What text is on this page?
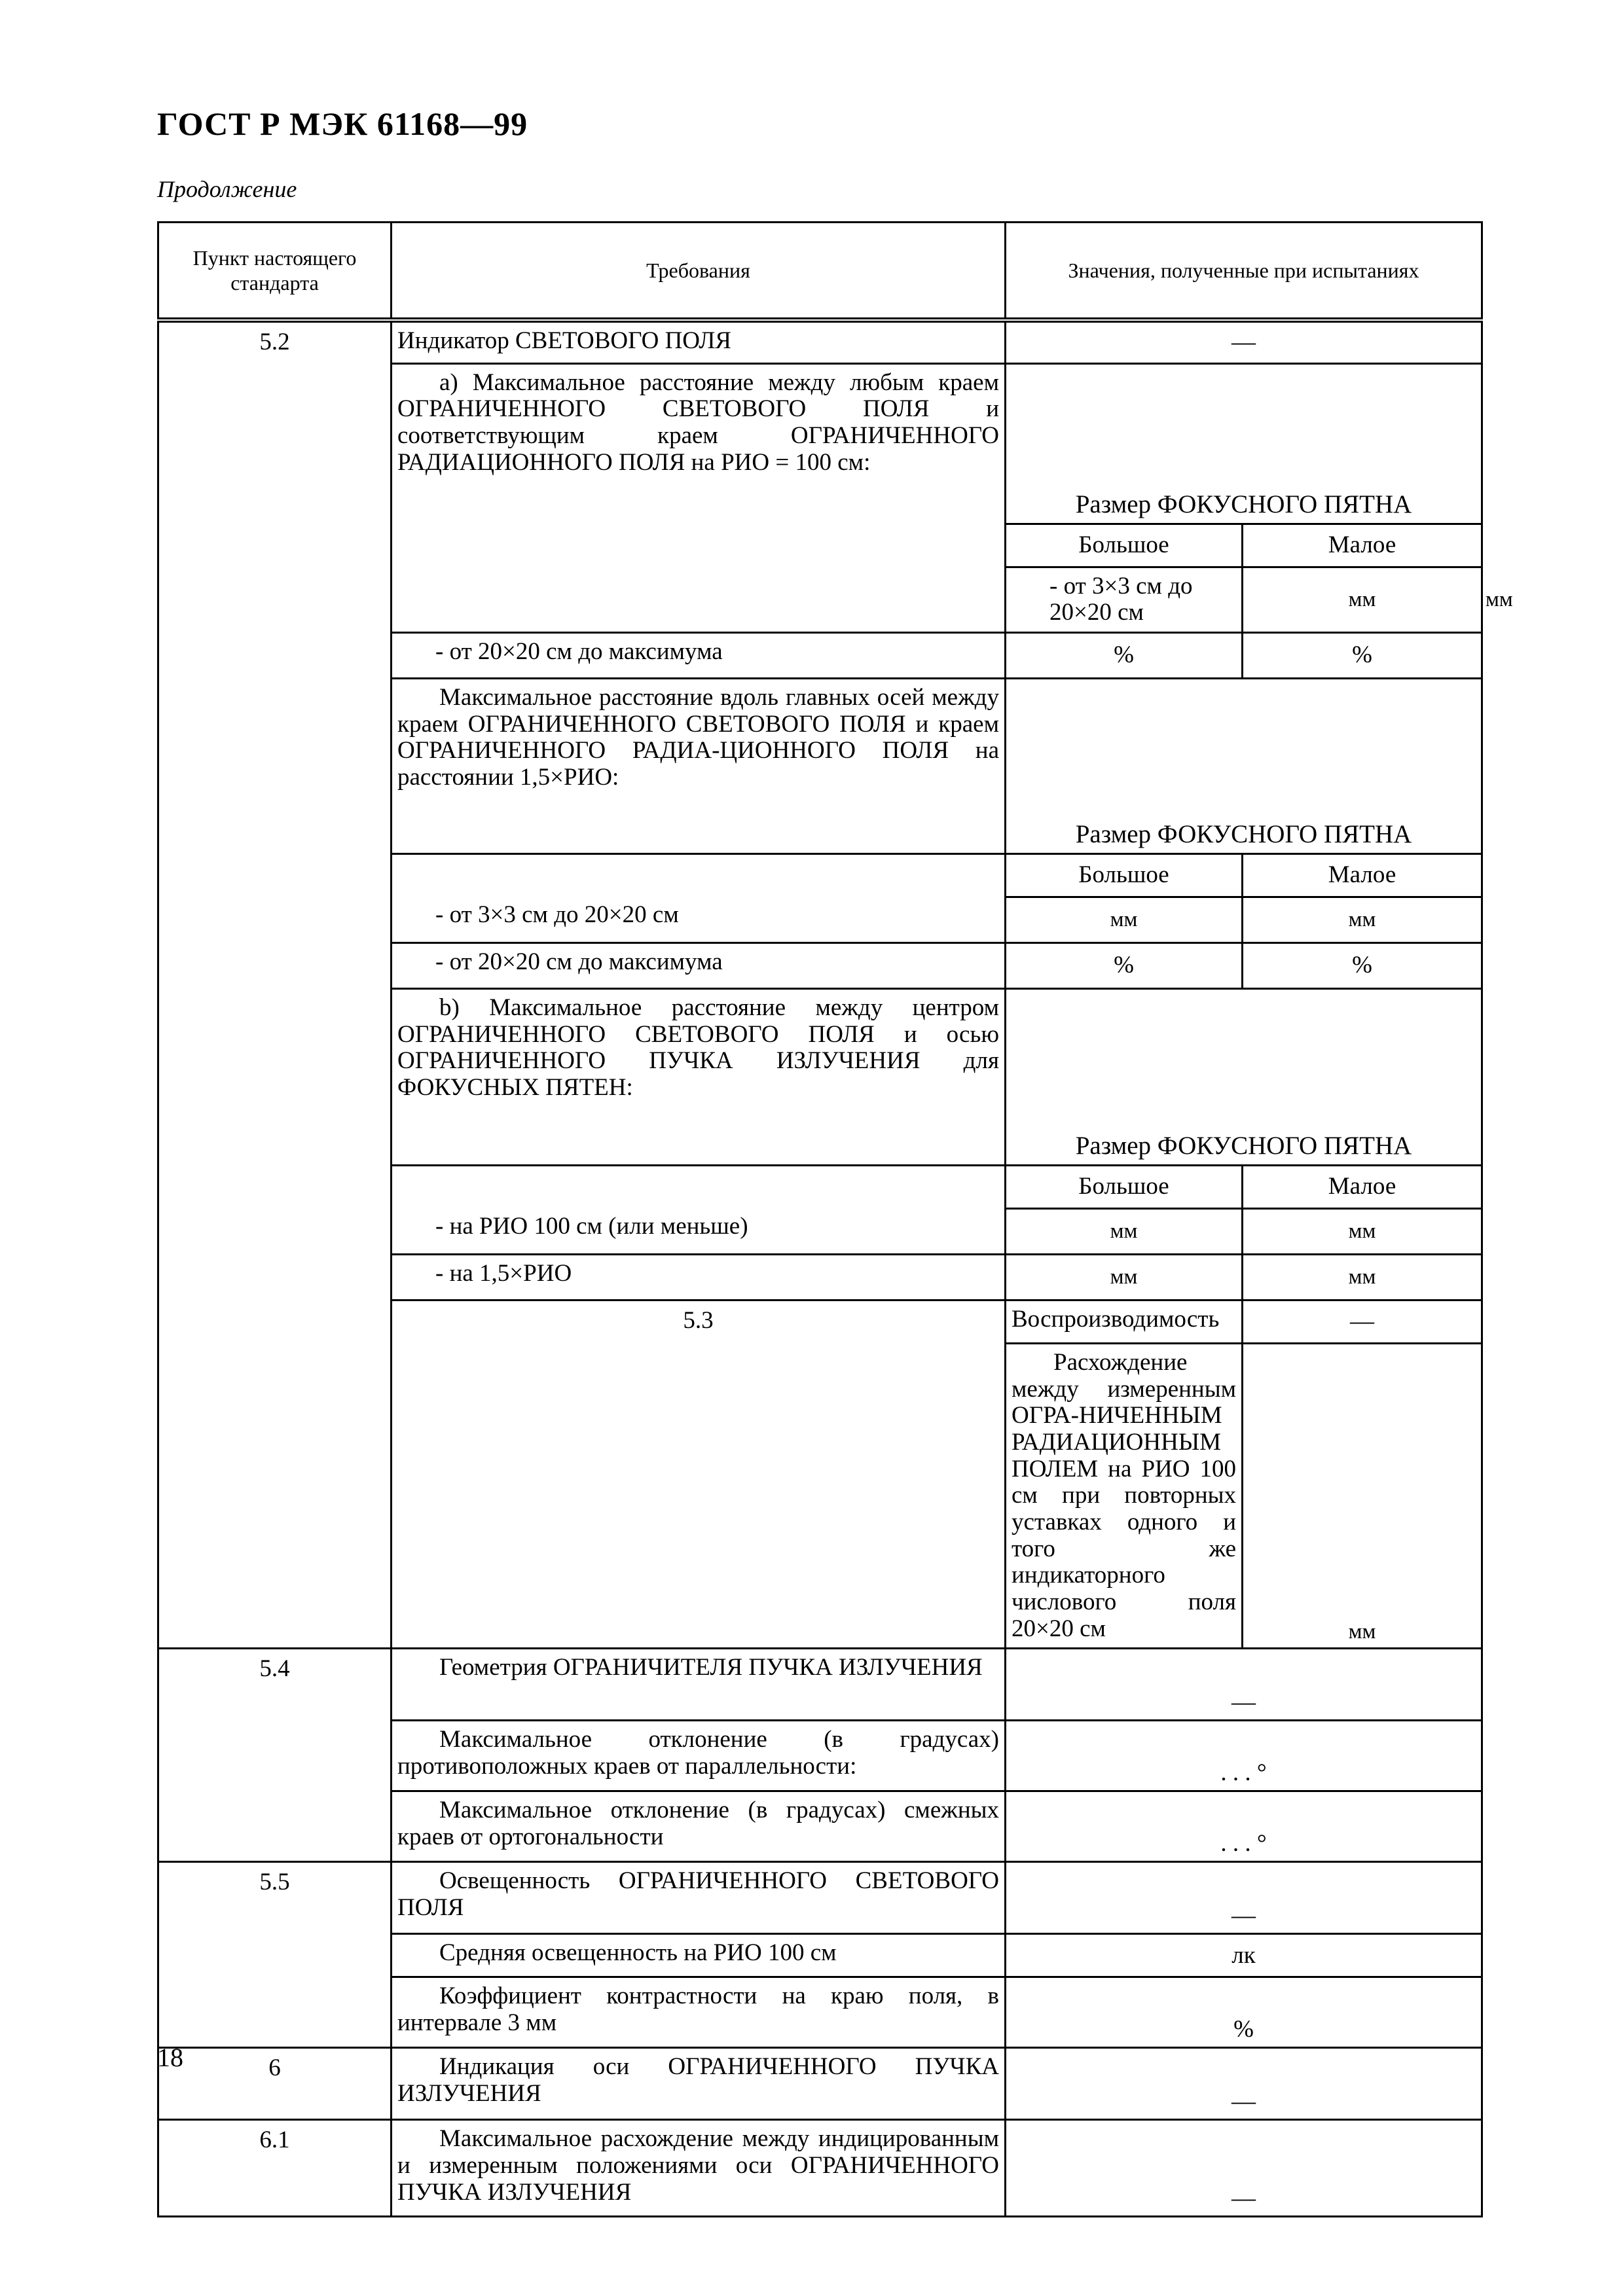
ГОСТ Р МЭК 61168—99
Продолжение
Пункт настоящего стандарта	Требования	Значения, полученные при испытаниях		
5.2	Индикатор СВЕТОВОГО ПОЛЯ	—		

	a) Максимальное расстояние между любым краем ОГРАНИЧЕННОГО СВЕТОВОГО ПОЛЯ и соответствующим краем ОГРАНИЧЕННОГО РАДИАЦИОННОГО ПОЛЯ на РИО = 100 см:	Размер ФОКУСНОГО ПЯТНА		
		Большое	Малое	
		- от 3×3 см до 20×20 см	мм	мм
	- от 20×20 см до максимума	%	%	

	Максимальное расстояние вдоль главных осей между краем ОГРАНИЧЕННОГО СВЕТОВОГО ПОЛЯ и краем ОГРАНИЧЕННОГО РАДИА-ЦИОННОГО ПОЛЯ на расстоянии 1,5×РИО:	Размер ФОКУСНОГО ПЯТНА		
		Большое	Малое	
	- от 3×3 см до 20×20 см	мм	мм	
	- от 20×20 см до максимума	%	%	

	b) Максимальное расстояние между центром ОГРАНИЧЕННОГО СВЕТОВОГО ПОЛЯ и осью ОГРАНИЧЕННОГО ПУЧКА ИЗЛУЧЕНИЯ для ФОКУСНЫХ ПЯТЕН:	Размер ФОКУСНОГО ПЯТНА		
		Большое	Малое	
	- на РИО 100 см (или меньше)	мм	мм	
	- на 1,5×РИО	мм	мм	
	5.3	Воспроизводимость	—	

		Расхождение между измеренным ОГРА-НИЧЕННЫМ РАДИАЦИОННЫМ ПОЛЕМ на РИО 100 см при повторных уставках одного и того же индикаторного числового поля 20×20 см	мм	
5.4	Геометрия ОГРАНИЧИТЕЛЯ ПУЧКА ИЗЛУЧЕНИЯ	—		

	Максимальное отклонение (в градусах) противоположных краев от параллельности:	. . . °		

	Максимальное отклонение (в градусах) смежных краев от ортогональности	. . . °		
5.5	Освещенность ОГРАНИЧЕННОГО СВЕТОВОГО ПОЛЯ	—		

	Средняя освещенность на РИО 100 см	лк		

	Коэффициент контрастности на краю поля, в интервале 3 мм	%		
6	Индикация оси ОГРАНИЧЕННОГО ПУЧКА ИЗЛУЧЕНИЯ	—		
6.1	Максимальное расхождение между индицированным и измеренным положениями оси ОГРАНИЧЕННОГО ПУЧКА ИЗЛУЧЕНИЯ	—		
18
